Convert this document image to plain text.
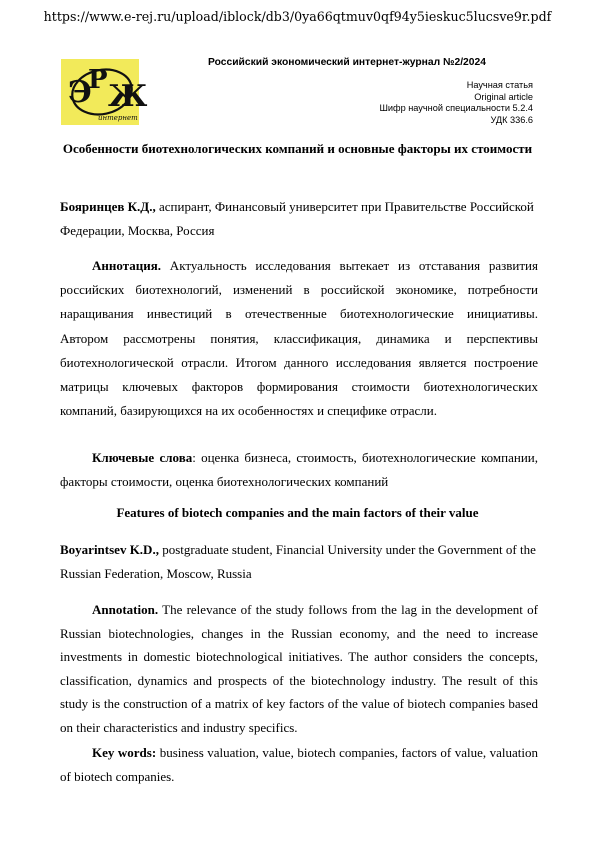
https://www.e-rej.ru/upload/iblock/db3/0ya66qtmuv0qf94y5ieskuc5lucsve9r.pdf
Э
Р Ж
интернет
Российский экономический интернет-журнал №2/2024
Научная статья
Original article
Шифр научной специальности 5.2.4
УДК 336.6
Особенности биотехнологических компаний и основные факторы их стоимости
Бояринцев К.Д., аспирант, Финансовый университет при Правительстве Российской Федерации, Москва, Россия
Аннотация. Актуальность исследования вытекает из отставания развития российских биотехнологий, изменений в российской экономике, потребности наращивания инвестиций в отечественные биотехнологические инициативы. Автором рассмотрены понятия, классификация, динамика и перспективы биотехнологической отрасли. Итогом данного исследования является построение матрицы ключевых факторов формирования стоимости биотехнологических компаний, базирующихся на их особенностях и специфике отрасли.
Ключевые слова: оценка бизнеса, стоимость, биотехнологические компании, факторы стоимости, оценка биотехнологических компаний
Features of biotech companies and the main factors of their value
Boyarintsev K.D., postgraduate student, Financial University under the Government of the Russian Federation, Moscow, Russia
Annotation. The relevance of the study follows from the lag in the development of Russian biotechnologies, changes in the Russian economy, and the need to increase investments in domestic biotechnological initiatives. The author considers the concepts, classification, dynamics and prospects of the biotechnology industry. The result of this study is the construction of a matrix of key factors of the value of biotech companies based on their characteristics and industry specifics.
Key words: business valuation, value, biotech companies, factors of value, valuation of biotech companies.
